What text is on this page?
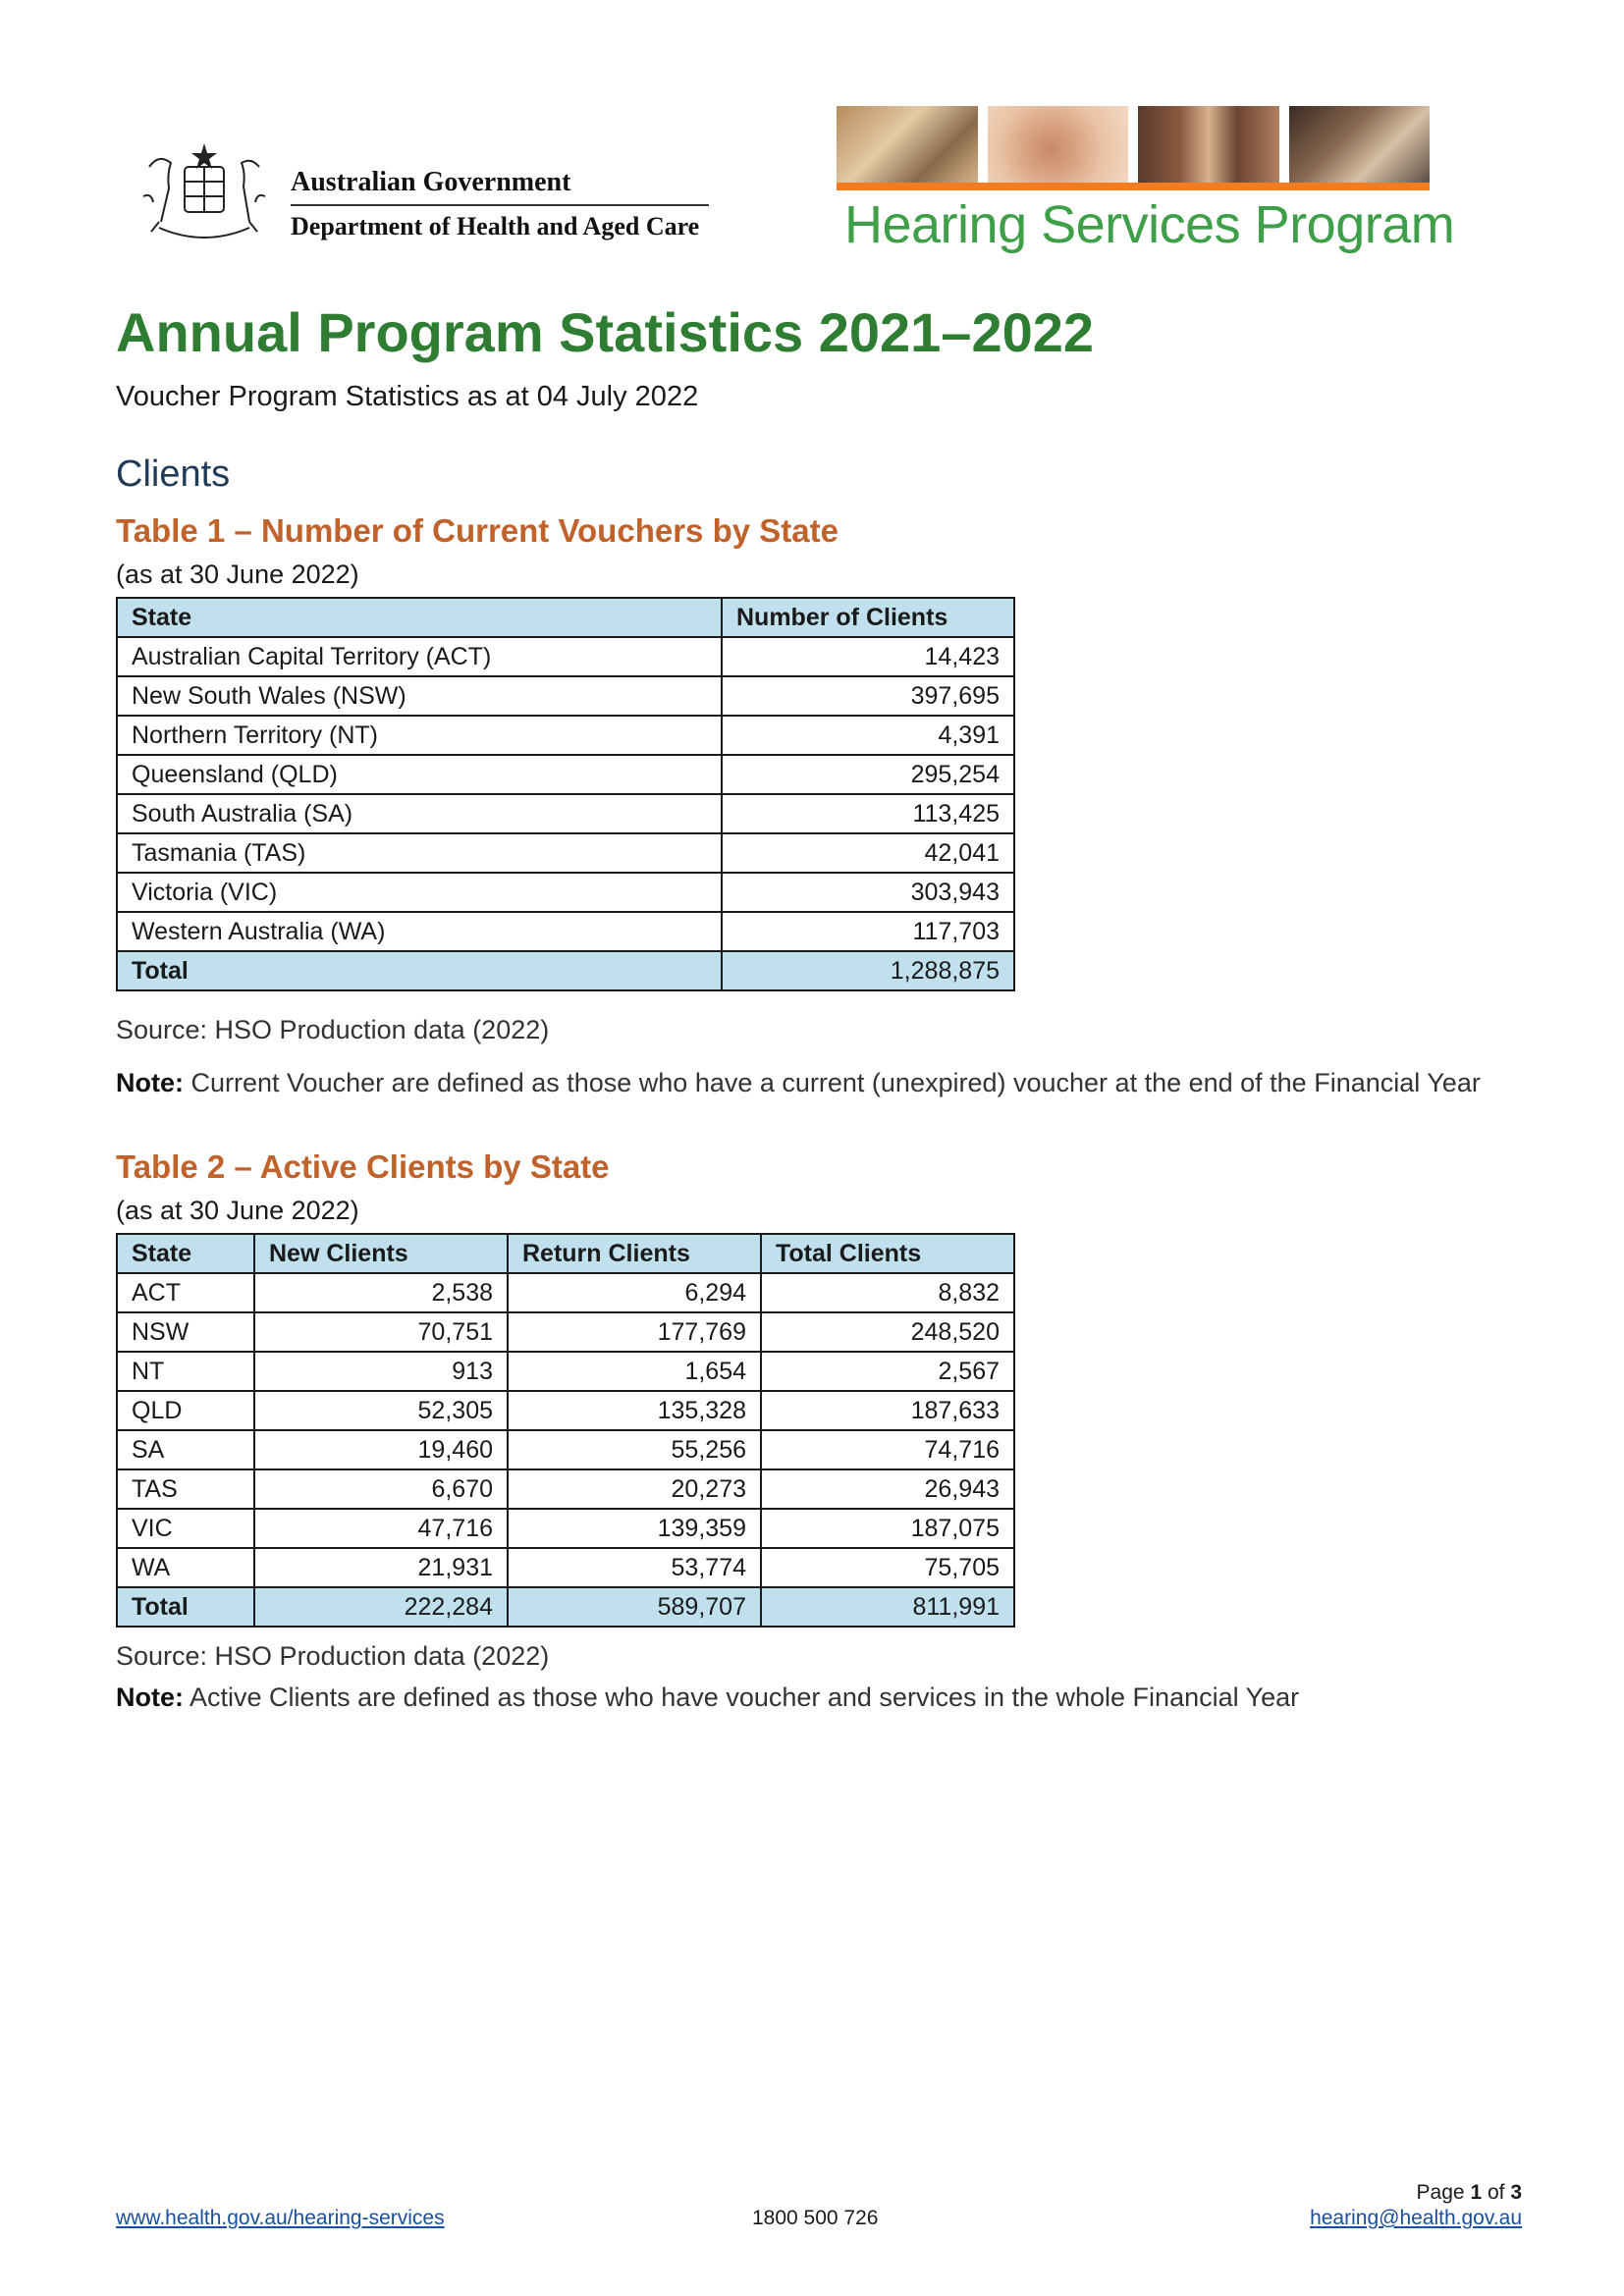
Australian Government
Department of Health and Aged Care	Hearing Services Program
Annual Program Statistics 2021–2022
Voucher Program Statistics as at 04 July 2022
Clients
Table 1 – Number of Current Vouchers by State
(as at 30 June 2022)
State	Number of Clients
Australian Capital Territory (ACT)	14,423
New South Wales (NSW)	397,695
Northern Territory (NT)	4,391
Queensland (QLD)	295,254
South Australia (SA)	113,425
Tasmania (TAS)	42,041
Victoria (VIC)	303,943
Western Australia (WA)	117,703
Total	1,288,875
Source: HSO Production data (2022)
Note: Current Voucher are defined as those who have a current (unexpired) voucher at the end of the Financial Year
Table 2 – Active Clients by State
(as at 30 June 2022)
State	New Clients	Return Clients	Total Clients
ACT	2,538	6,294	8,832
NSW	70,751	177,769	248,520
NT	913	1,654	2,567
QLD	52,305	135,328	187,633
SA	19,460	55,256	74,716
TAS	6,670	20,273	26,943
VIC	47,716	139,359	187,075
WA	21,931	53,774	75,705
Total	222,284	589,707	811,991
Source: HSO Production data (2022)
Note: Active Clients are defined as those who have voucher and services in the whole Financial Year
Page 1 of 3
www.health.gov.au/hearing-services	1800 500 726	hearing@health.gov.au
